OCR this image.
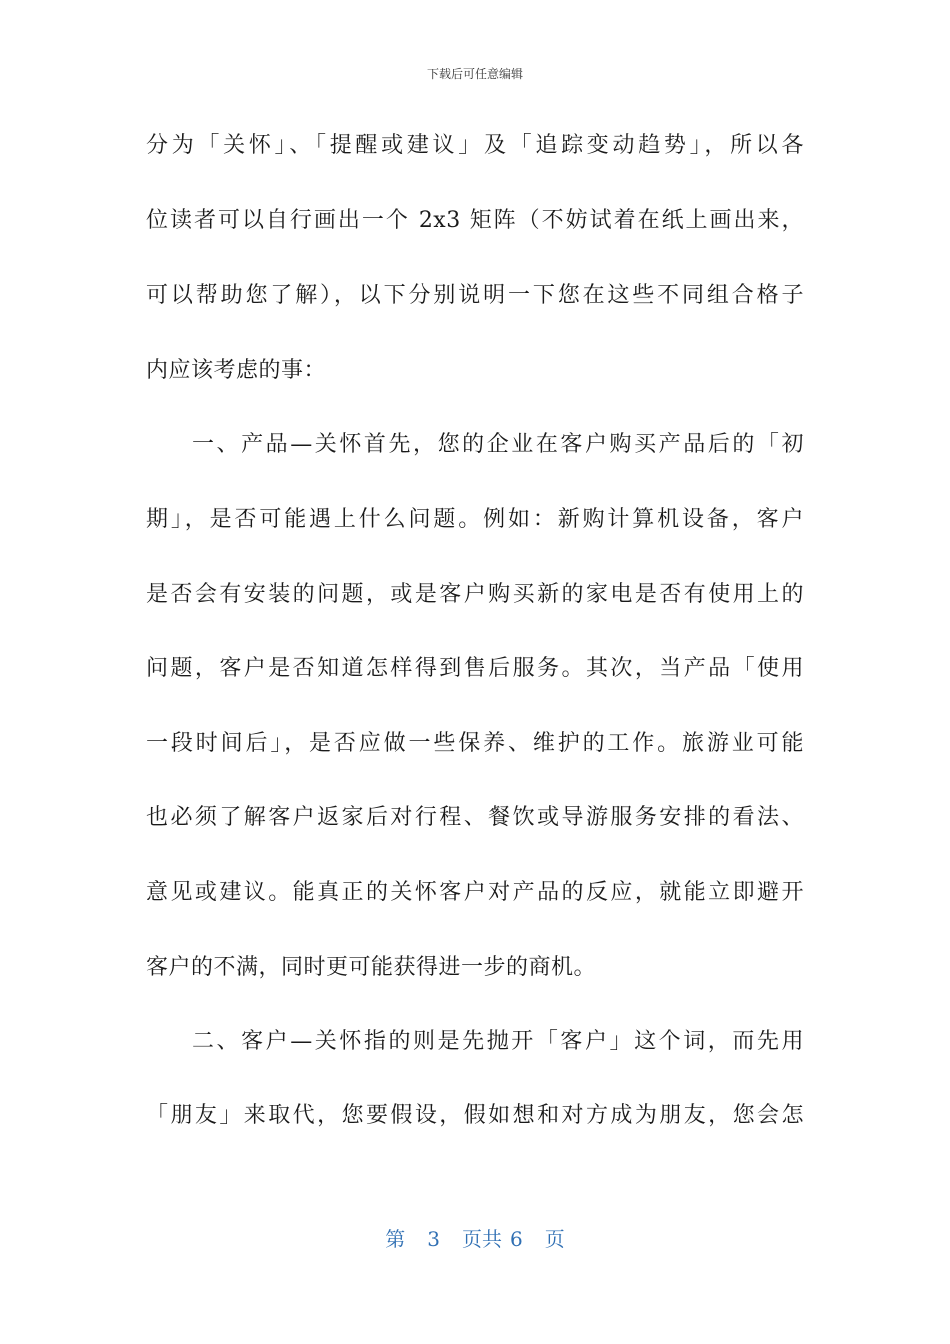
下载后可任意编辑
分为「关怀」、「提醒或建议」及「追踪变动趋势」，所以各
位读者可以自行画出一个 2x3 矩阵（不妨试着在纸上画出来，
可以帮助您了解），以下分别说明一下您在这些不同组合格子
内应该考虑的事：
一、产品—关怀首先，您的企业在客户购买产品后的「初
期」，是否可能遇上什么问题。例如：新购计算机设备，客户
是否会有安装的问题，或是客户购买新的家电是否有使用上的
问题，客户是否知道怎样得到售后服务。其次，当产品「使用
一段时间后」，是否应做一些保养、维护的工作。旅游业可能
也必须了解客户返家后对行程、餐饮或导游服务安排的看法、
意见或建议。能真正的关怀客户对产品的反应，就能立即避开
客户的不满，同时更可能获得进一步的商机。
二、客户—关怀指的则是先抛开「客户」这个词，而先用
「朋友」来取代，您要假设，假如想和对方成为朋友，您会怎
第 3 页共 6 页
